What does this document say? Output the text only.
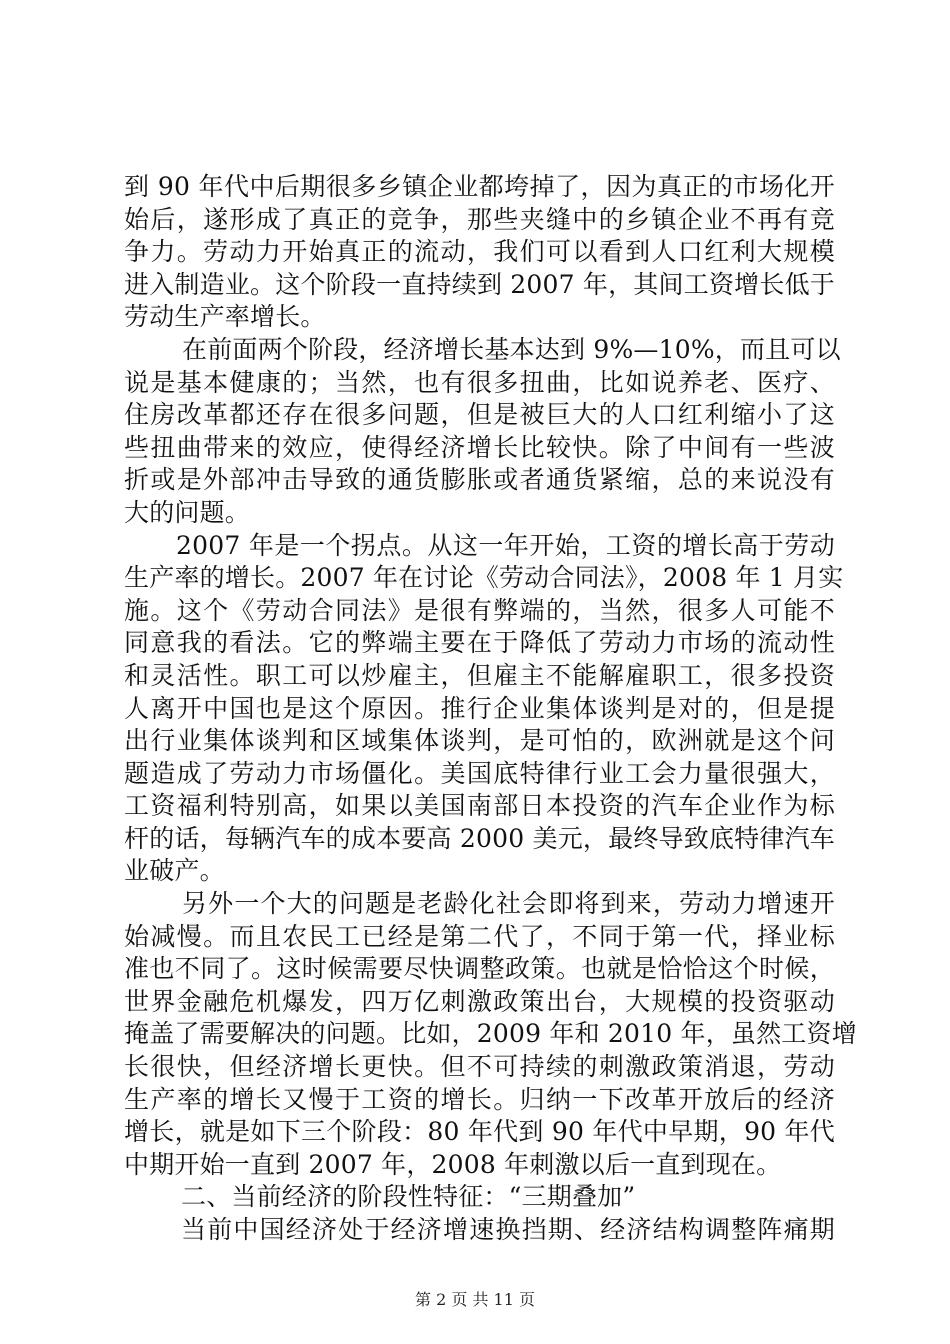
到 90 年代中后期很多乡镇企业都垮掉了，因为真正的市场化开
始后，遂形成了真正的竞争，那些夹缝中的乡镇企业不再有竞
争力。劳动力开始真正的流动，我们可以看到人口红利大规模
进入制造业。这个阶段一直持续到 2007 年，其间工资增长低于
劳动生产率增长。
在前面两个阶段，经济增长基本达到 9%—10%，而且可以
说是基本健康的；当然，也有很多扭曲，比如说养老、医疗、
住房改革都还存在很多问题，但是被巨大的人口红利缩小了这
些扭曲带来的效应，使得经济增长比较快。除了中间有一些波
折或是外部冲击导致的通货膨胀或者通货紧缩，总的来说没有
大的问题。
2007 年是一个拐点。从这一年开始，工资的增长高于劳动
生产率的增长。2007 年在讨论《劳动合同法》，2008 年 1 月实
施。这个《劳动合同法》是很有弊端的，当然，很多人可能不
同意我的看法。它的弊端主要在于降低了劳动力市场的流动性
和灵活性。职工可以炒雇主，但雇主不能解雇职工，很多投资
人离开中国也是这个原因。推行企业集体谈判是对的，但是提
出行业集体谈判和区域集体谈判，是可怕的，欧洲就是这个问
题造成了劳动力市场僵化。美国底特律行业工会力量很强大，
工资福利特别高，如果以美国南部日本投资的汽车企业作为标
杆的话，每辆汽车的成本要高 2000 美元，最终导致底特律汽车
业破产。
另外一个大的问题是老龄化社会即将到来，劳动力增速开
始减慢。而且农民工已经是第二代了，不同于第一代，择业标
准也不同了。这时候需要尽快调整政策。也就是恰恰这个时候，
世界金融危机爆发，四万亿刺激政策出台，大规模的投资驱动
掩盖了需要解决的问题。比如，2009 年和 2010 年，虽然工资增
长很快，但经济增长更快。但不可持续的刺激政策消退，劳动
生产率的增长又慢于工资的增长。归纳一下改革开放后的经济
增长，就是如下三个阶段：80 年代到 90 年代中早期，90 年代
中期开始一直到 2007 年，2008 年刺激以后一直到现在。
二、当前经济的阶段性特征：“三期叠加”
当前中国经济处于经济增速换挡期、经济结构调整阵痛期
第 2 页 共 11 页
